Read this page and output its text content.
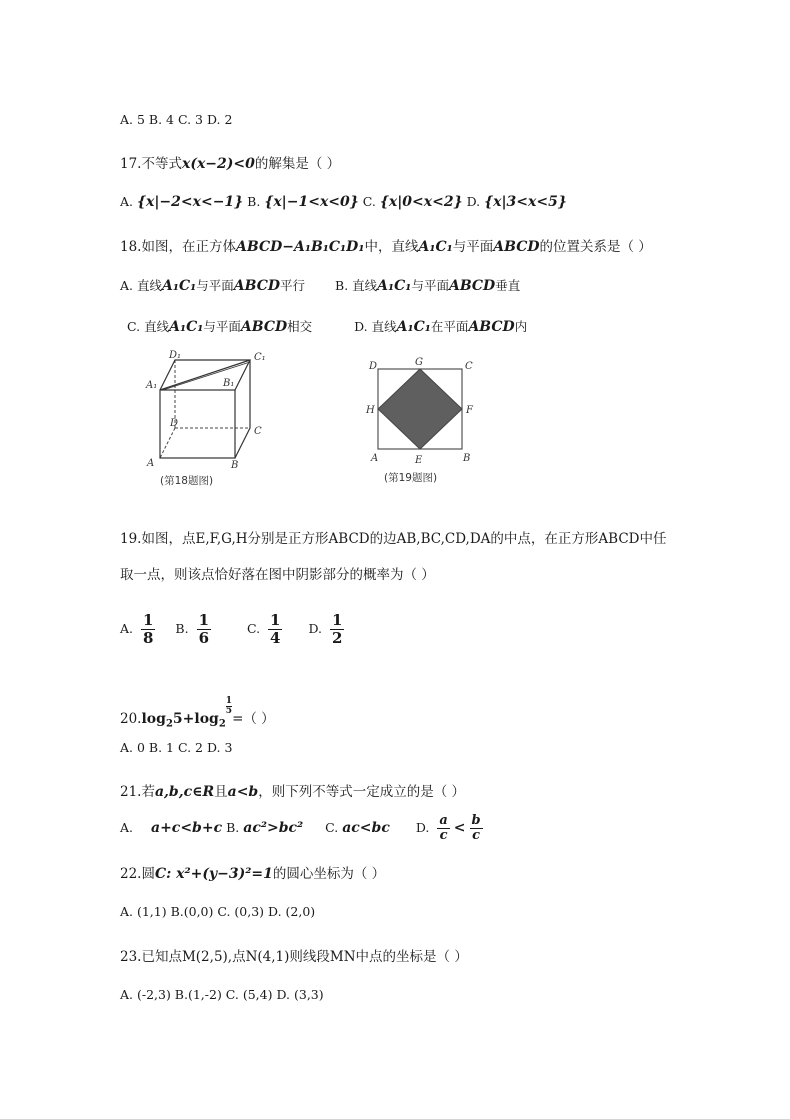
A. 5 B. 4 C. 3 D. 2
17.不等式x(x−2)<0的解集是（ ）
A. {x|−2<x<−1} B. {x|−1<x<0} C. {x|0<x<2} D. {x|3<x<5}
18.如图，在正方体ABCD−A₁B₁C₁D₁中，直线A₁C₁与平面ABCD的位置关系是（ ）
A. 直线A₁C₁与平面ABCD平行 B. 直线A₁C₁与平面ABCD垂直
C. 直线A₁C₁与平面ABCD相交	D. 直线A₁C₁在平面ABCD内
D₁	C₁
A₁	B₁
D
C
A	B
(第18题图)
D	G	C
H	F
A	E	B
(第19题图)
19.如图，点E,F,G,H分别是正方形ABCD的边AB,BC,CD,DA的中点，在正方形ABCD中任
取一点，则该点恰好落在图中阴影部分的概率为（ ）
A. $\frac{1}{8} B$. $\frac{1}{6}$	C. $\frac{1}{4} D$. $\frac{1}{2}$
$20.\log_25+\log_2$
$\frac{1}{5}$
=（ ）
A. 0 B. 1 C. 2 D. 3
21.若a,b,c∈R且a<b，则下列不等式一定成立的是（ ）
A. a+c<b+c B. ac²>bc² C. ac<bc D. $\frac{a}{c} < \frac{b}{c}$
22.圆C: x²+(y−3)²=1的圆心坐标为（ ）
A. (1,1) B.(0,0) C. (0,3) D. (2,0)
23.已知点M(2,5),点N(4,1)则线段MN中点的坐标是（ ）
A. (-2,3) B.(1,-2) C. (5,4) D. (3,3)
